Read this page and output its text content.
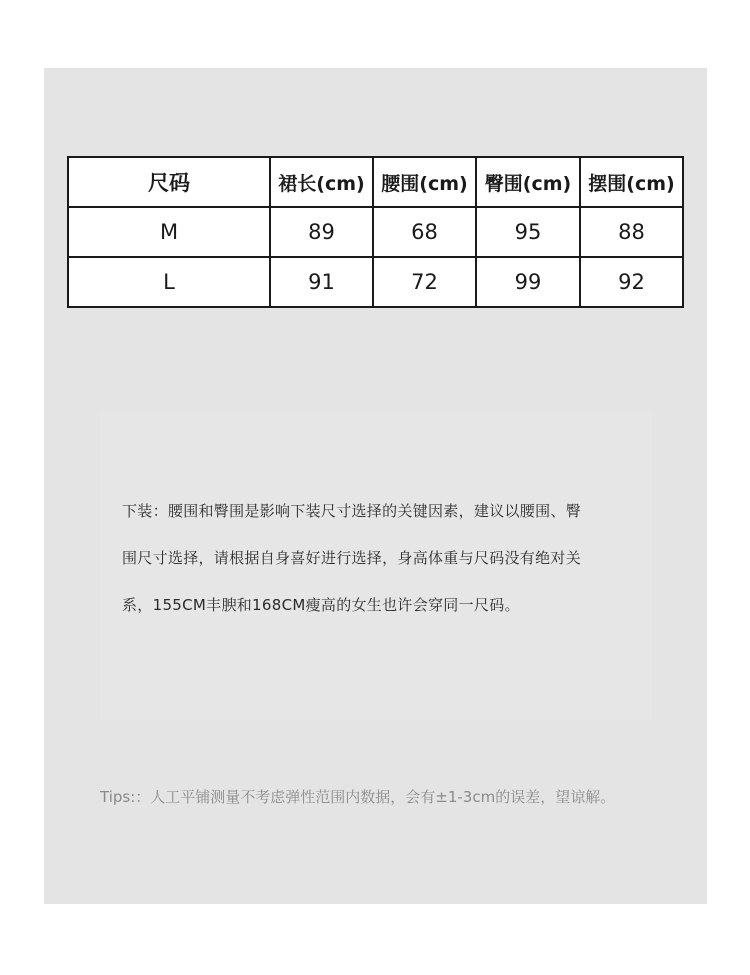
尺码	裙长(cm)	腰围(cm)	臀围(cm)	摆围(cm)
M	89	68	95	88
L	91	72	99	92
下装：腰围和臀围是影响下装尺寸选择的关键因素，建议以腰围、臀
围尺寸选择，请根据自身喜好进行选择，身高体重与尺码没有绝对关
系，155CM丰腴和168CM瘦高的女生也许会穿同一尺码。
Tips:：人工平铺测量不考虑弹性范围内数据，会有±1-3cm的误差，望谅解。
